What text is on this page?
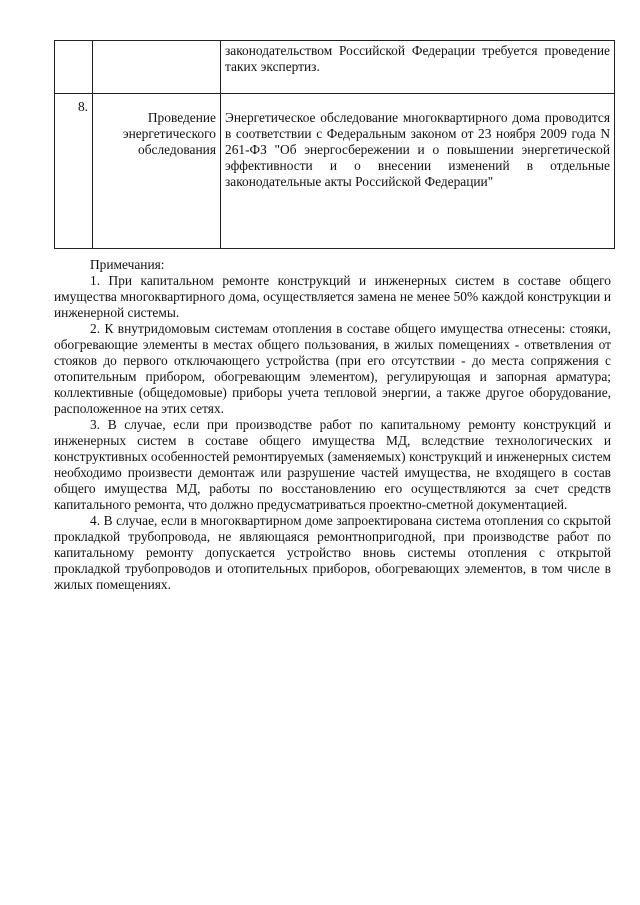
		законодательством Российской Федерации требуется проведение таких экспертиз.
8.	Проведение энергетического обследования	Энергетическое обследование многоквартирного дома проводится в соответствии с Федеральным законом от 23 ноября 2009 года N 261-ФЗ "Об энергосбережении и о повышении энергетической эффективности и о внесении изменений в отдельные законодательные акты Российской Федерации"
Примечания:

1. При капитальном ремонте конструкций и инженерных систем в составе общего имущества многоквартирного дома, осуществляется замена не менее 50% каждой конструкции и инженерной системы.

2. К внутридомовым системам отопления в составе общего имущества отнесены: стояки, обогревающие элементы в местах общего пользования, в жилых помещениях - ответвления от стояков до первого отключающего устройства (при его отсутствии - до места сопряжения с отопительным прибором, обогревающим элементом), регулирующая и запорная арматура; коллективные (общедомовые) приборы учета тепловой энергии, а также другое оборудование, расположенное на этих сетях.

3. В случае, если при производстве работ по капитальному ремонту конструкций и инженерных систем в составе общего имущества МД, вследствие технологических и конструктивных особенностей ремонтируемых (заменяемых) конструкций и инженерных систем необходимо произвести демонтаж или разрушение частей имущества, не входящего в состав общего имущества МД, работы по восстановлению его осуществляются за счет средств капитального ремонта, что должно предусматриваться проектно-сметной документацией.

4. В случае, если в многоквартирном доме запроектирована система отопления со скрытой прокладкой трубопровода, не являющаяся ремонтнопригодной, при производстве работ по капитальному ремонту допускается устройство вновь системы отопления с открытой прокладкой трубопроводов и отопительных приборов, обогревающих элементов, в том числе в жилых помещениях.
